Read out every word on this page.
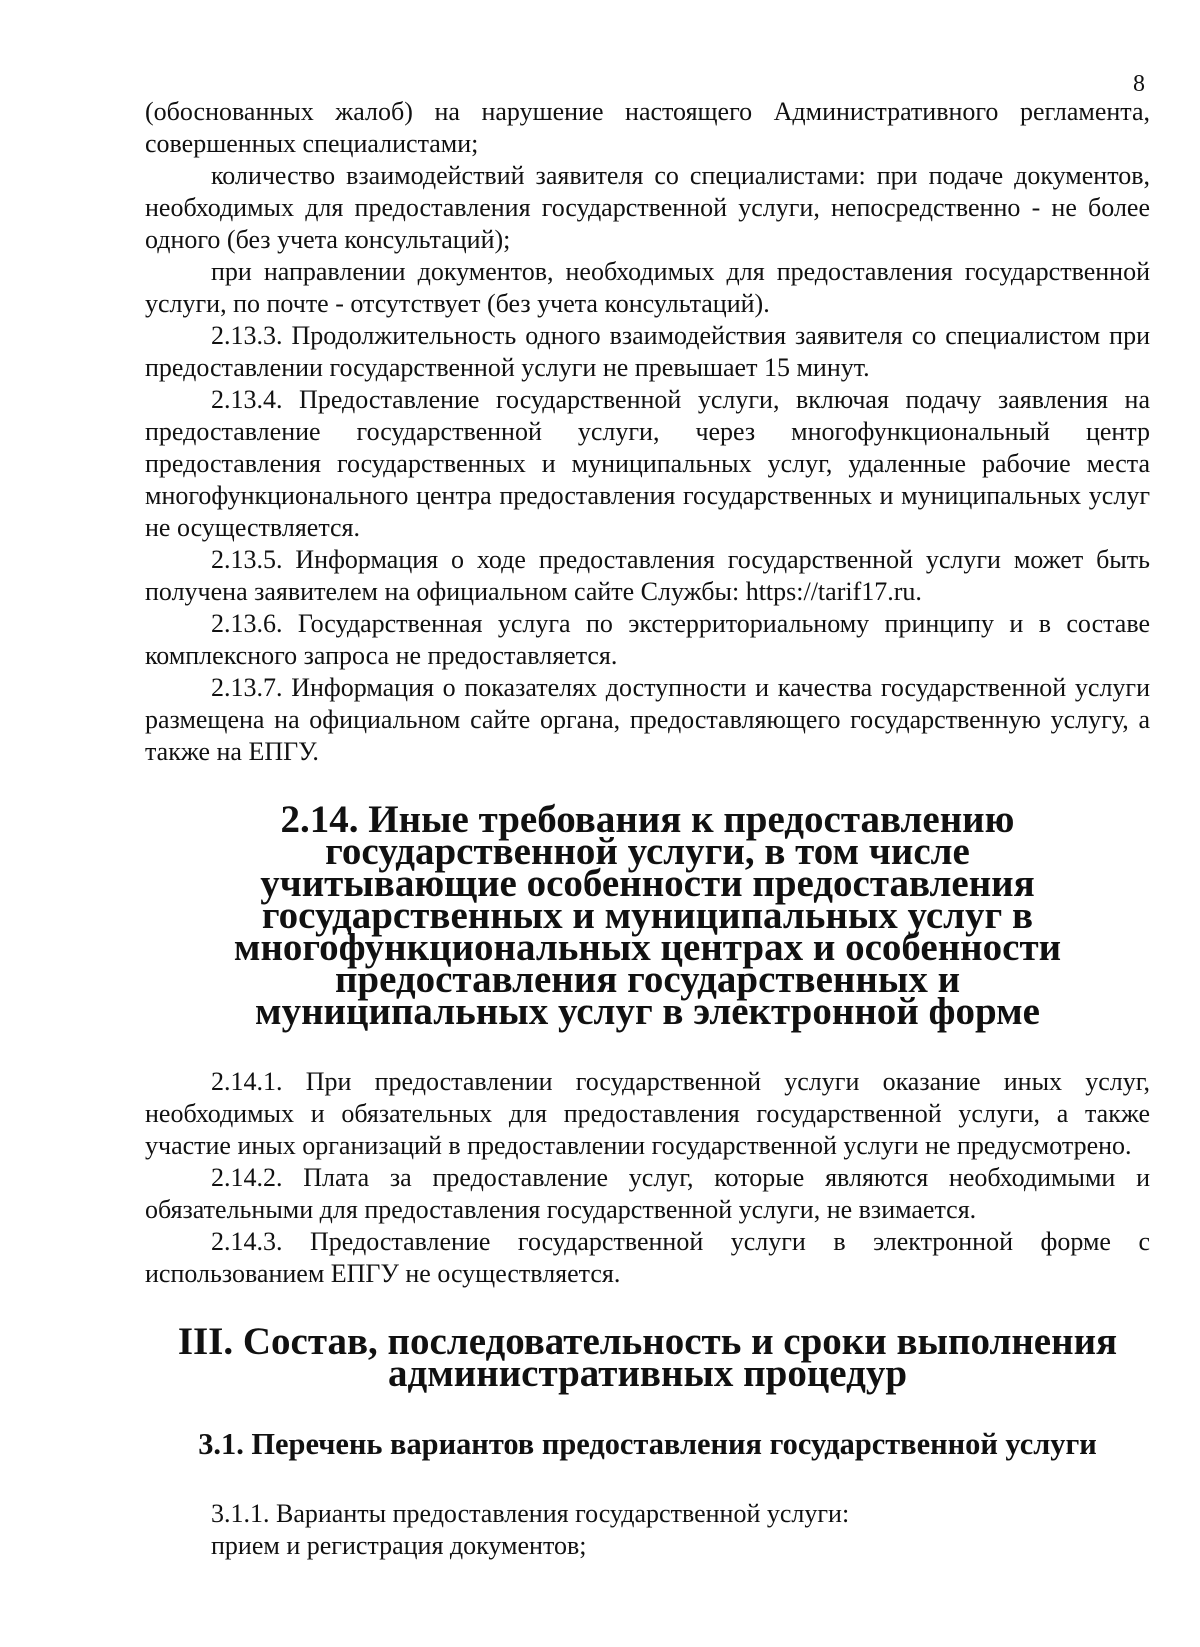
8

(обоснованных жалоб) на нарушение настоящего Административного регламента, совершенных специалистами;

количество взаимодействий заявителя со специалистами: при подаче документов, необходимых для предоставления государственной услуги, непосредственно - не более одного (без учета консультаций);

при направлении документов, необходимых для предоставления государственной услуги, по почте - отсутствует (без учета консультаций).

2.13.3. Продолжительность одного взаимодействия заявителя со специалистом при предоставлении государственной услуги не превышает 15 минут.

2.13.4. Предоставление государственной услуги, включая подачу заявления на предоставление государственной услуги, через многофункциональный центр предоставления государственных и муниципальных услуг, удаленные рабочие места многофункционального центра предоставления государственных и муниципальных услуг не осуществляется.

2.13.5. Информация о ходе предоставления государственной услуги может быть получена заявителем на официальном сайте Службы: https://tarif17.ru.

2.13.6. Государственная услуга по экстерриториальному принципу и в составе комплексного запроса не предоставляется.

2.13.7. Информация о показателях доступности и качества государственной услуги размещена на официальном сайте органа, предоставляющего государственную услугу, а также на ЕПГУ.

2.14. Иные требования к предоставлению государственной услуги, в том числе учитывающие особенности предоставления государственных и муниципальных услуг в многофункциональных центрах и особенности предоставления государственных и муниципальных услуг в электронной форме

2.14.1. При предоставлении государственной услуги оказание иных услуг, необходимых и обязательных для предоставления государственной услуги, а также участие иных организаций в предоставлении государственной услуги не предусмотрено.

2.14.2. Плата за предоставление услуг, которые являются необходимыми и обязательными для предоставления государственной услуги, не взимается.

2.14.3. Предоставление государственной услуги в электронной форме с использованием ЕПГУ не осуществляется.

III. Состав, последовательность и сроки выполнения административных процедур
3.1. Перечень вариантов предоставления государственной услуги

3.1.1. Варианты предоставления государственной услуги:

прием и регистрация документов;
